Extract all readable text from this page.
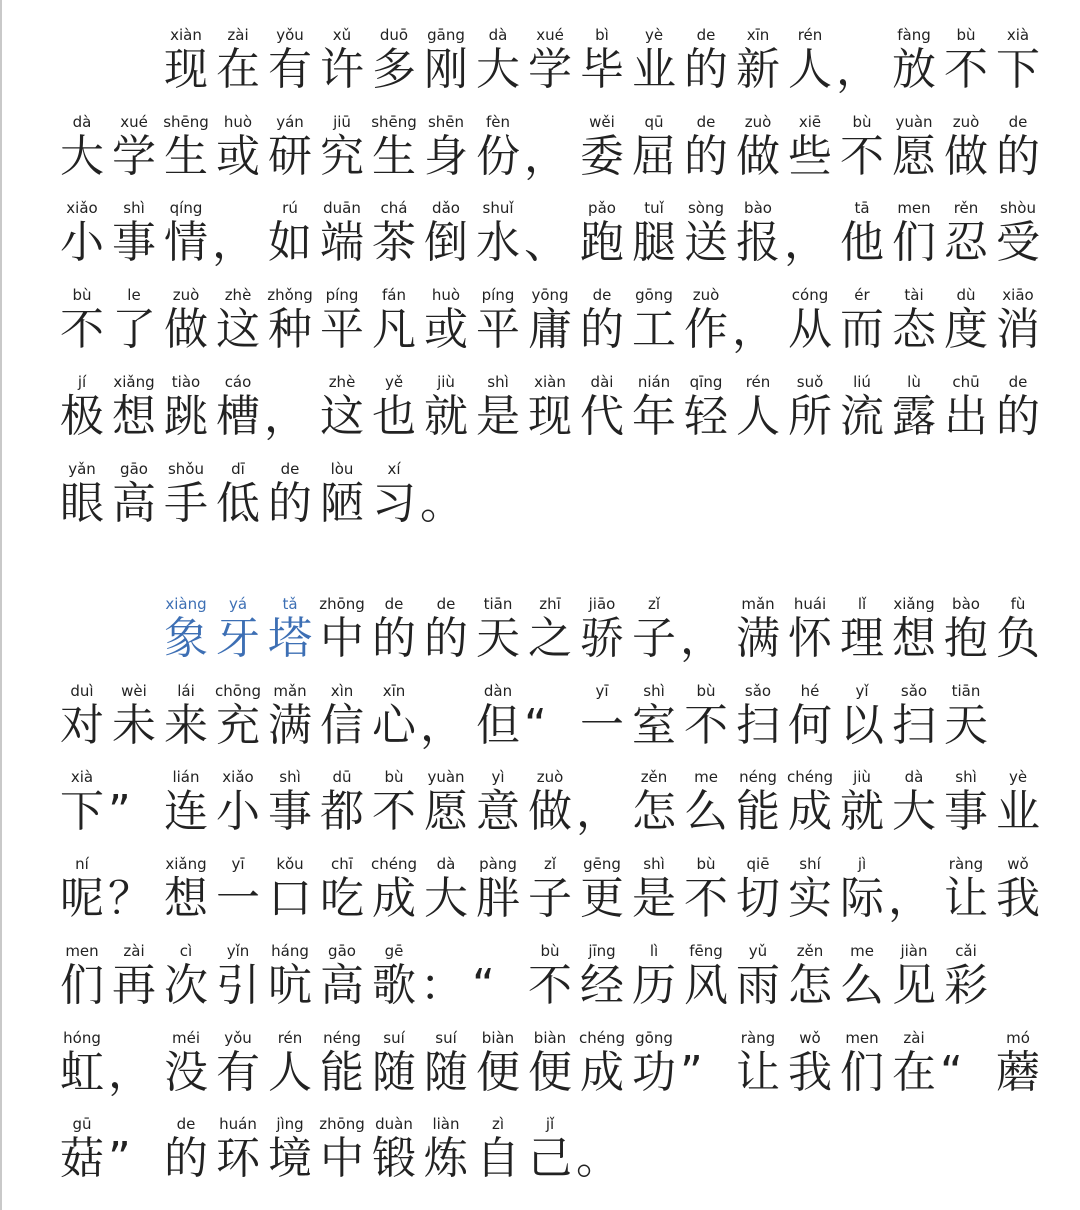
xiàn
现
zài
在
yǒu
有
xǔ
许
duō
多
gāng
刚
dà
大
xué
学
bì
毕
yè
业
de
的
xīn
新
rén
人 ，
fàng
放
bù
不
xià
下
dà
大
xué
学
shēng
生
huò
或
yán
研
jiū
究
shēng
生
shēn
身
fèn
份 ，
wěi
委
qū
屈
de
的
zuò
做
xiē
些
bù
不
yuàn
愿
zuò
做
de
的
xiǎo
小
shì
事
qíng
情 ，
rú
如
duān
端
chá
茶
dǎo
倒
shuǐ
水 、
pǎo
跑
tuǐ
腿
sòng
送
bào
报 ，
tā
他
men
们
rěn
忍
shòu
受
bù
不
le
了
zuò
做
zhè
这
zhǒng
种
píng
平
fán
凡
huò
或
píng
平
yōng
庸
de
的
gōng
工
zuò
作 ，
cóng
从
ér
而
tài
态
dù
度
xiāo
消
jí
极
xiǎng
想
tiào
跳
cáo
槽 ，
zhè
这
yě
也
jiù
就
shì
是
xiàn
现
dài
代
nián
年
qīng
轻
rén
人
suǒ
所
liú
流
lù
露
chū
出
de
的
yǎn
眼
gāo
高
shǒu
手
dī
低
de
的
lòu
陋
xí
习 。
xiàng
象
yá
牙
tǎ
塔
zhōng
中
de
的
de
的
tiān
天
zhī
之
jiāo
骄
zǐ
子 ，
mǎn
满
huái
怀
lǐ
理
xiǎng
想
bào
抱
fù
负
duì
对
wèi
未
lái
来
chōng
充
mǎn
满
xìn
信
xīn
心 ，
dàn
但 “
yī
一
shì
室
bù
不
sǎo
扫
hé
何
yǐ
以
sǎo
扫
tiān
天
xià
下 ”
lián
连
xiǎo
小
shì
事
dū
都
bù
不
yuàn
愿
yì
意
zuò
做 ，
zěn
怎
me
么
néng
能
chéng
成
jiù
就
dà
大
shì
事
yè
业
ní
呢 ？
xiǎng
想
yī
一
kǒu
口
chī
吃
chéng
成
dà
大
pàng
胖
zǐ
子
gēng
更
shì
是
bù
不
qiē
切
shí
实
jì
际 ，
ràng
让
wǒ
我
men
们
zài
再
cì
次
yǐn
引
háng
吭
gāo
高
gē
歌 ： “
bù
不
jīng
经
lì
历
fēng
风
yǔ
雨
zěn
怎
me
么
jiàn
见
cǎi
彩
hóng
虹 ，
méi
没
yǒu
有
rén
人
néng
能
suí
随
suí
随
biàn
便
biàn
便
chéng
成
gōng
功 ”
ràng
让
wǒ
我
men
们
zài
在 “
mó
蘑
gū
菇 ”
de
的
huán
环
jìng
境
zhōng
中
duàn
锻
liàn
炼
zì
自
jǐ
己 。
